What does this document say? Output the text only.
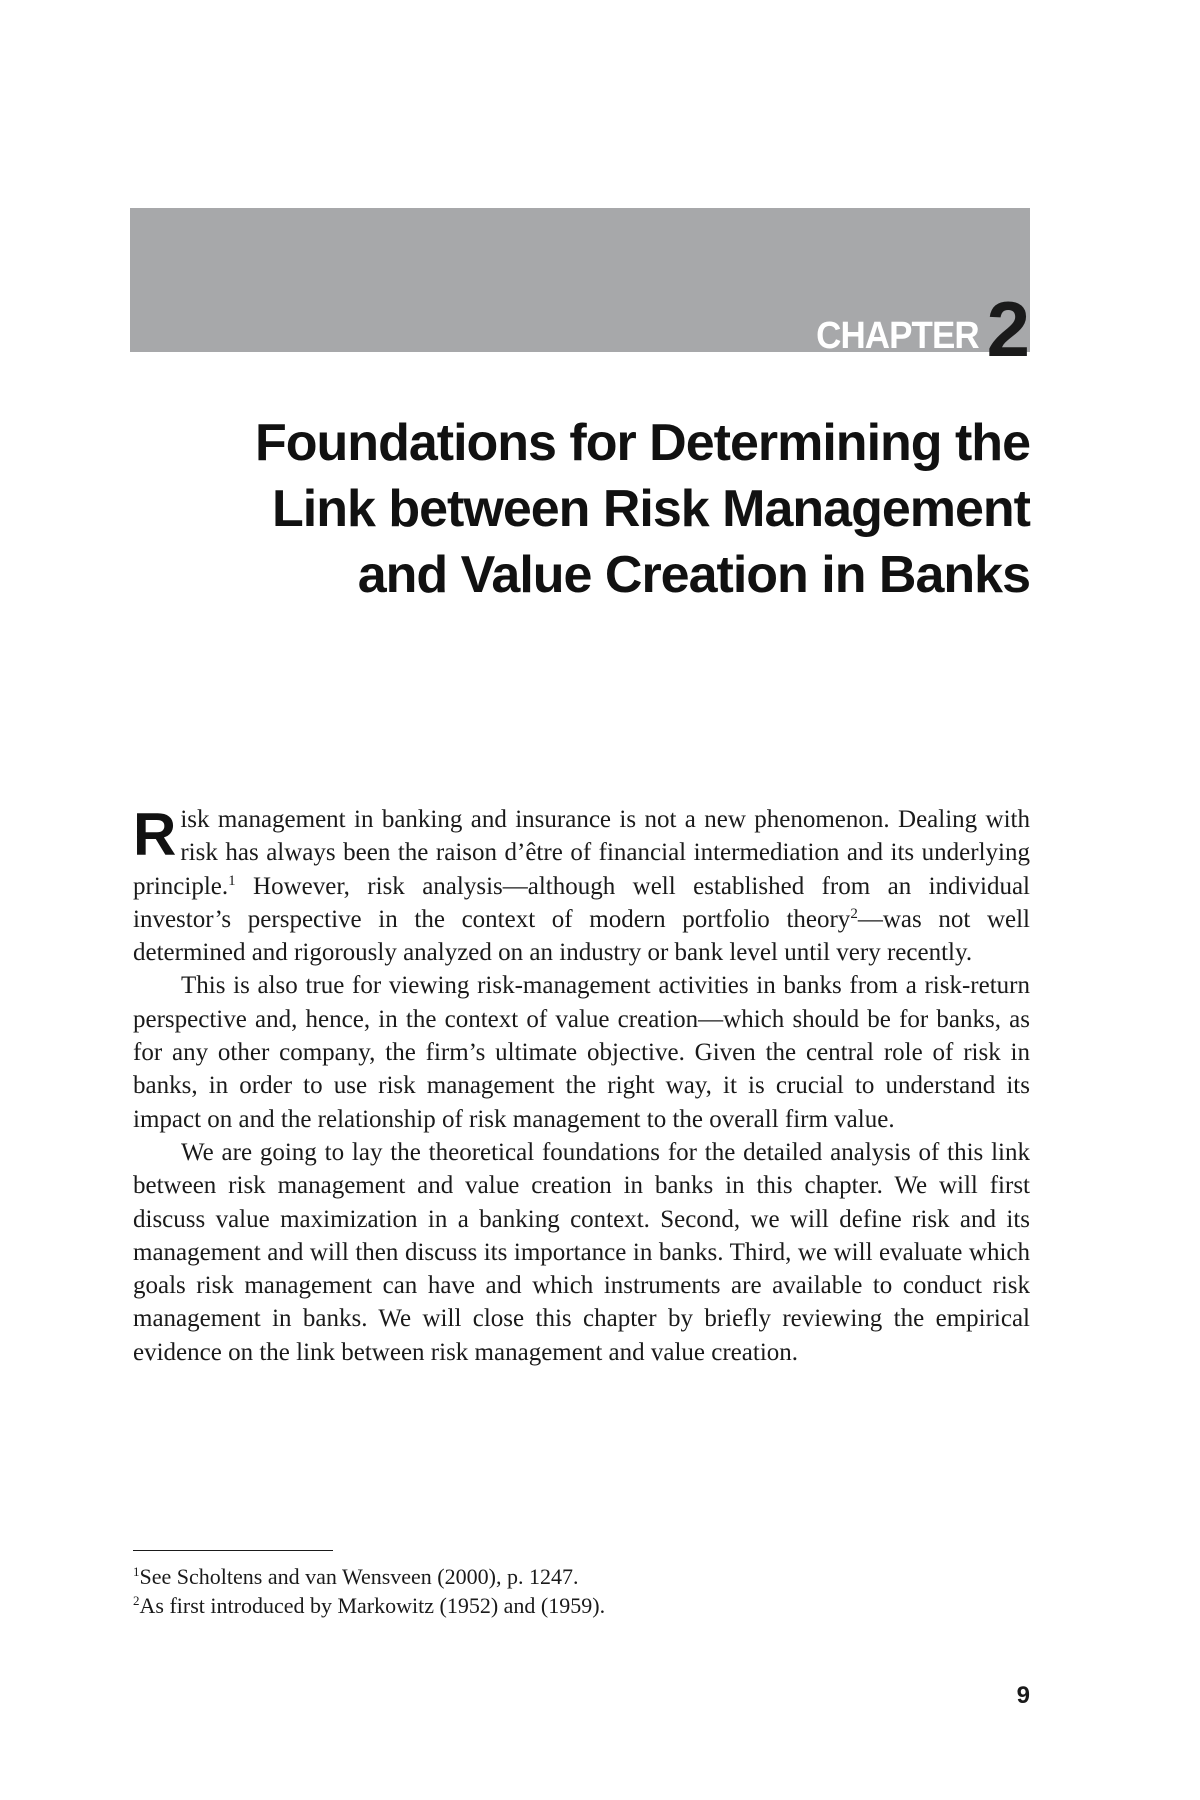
CHAPTER 2
Foundations for Determining the
Link between Risk Management
and Value Creation in Banks

Risk management in banking and insurance is not a new phenomenon. Dealing with risk has always been the raison d’être of financial intermediation and its underlying principle.$^1$ However, risk analysis—although well established from an individual investor’s perspective in the context of modern portfolio theory$^2$—was not well determined and rigorously analyzed on an industry or bank level until very recently.

This is also true for viewing risk-management activities in banks from a risk-return perspective and, hence, in the context of value creation—which should be for banks, as for any other company, the firm’s ultimate objective. Given the central role of risk in banks, in order to use risk management the right way, it is crucial to understand its impact on and the relationship of risk management to the overall firm value.

We are going to lay the theoretical foundations for the detailed analysis of this link between risk management and value creation in banks in this chapter. We will first discuss value maximization in a banking context. Second, we will define risk and its management and will then discuss its importance in banks. Third, we will evaluate which goals risk management can have and which instruments are available to conduct risk management in banks. We will close this chapter by briefly reviewing the empirical evidence on the link between risk management and value creation.

$^1$See Scholtens and van Wensveen (2000), p. 1247.
$^2$As first introduced by Markowitz (1952) and (1959).
9
